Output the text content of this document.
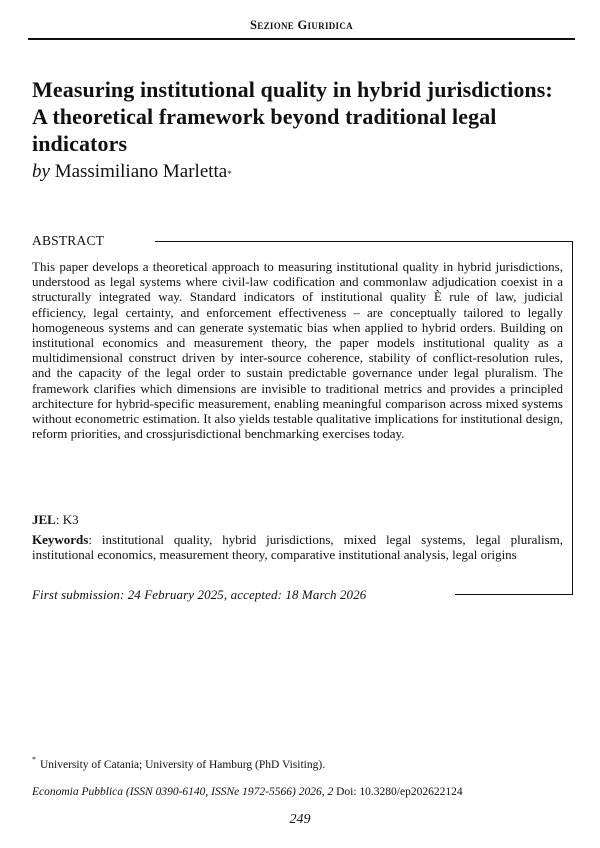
Sezione Giuridica
Measuring institutional quality in hybrid jurisdictions: A theoretical framework beyond traditional legal indicators
by Massimiliano Marletta*
ABSTRACT
This paper develops a theoretical approach to measuring institutional quality in hybrid jurisdictions, understood as legal systems where civil-law codification and commonlaw adjudication coexist in a structurally integrated way. Standard indicators of institutional quality È rule of law, judicial efficiency, legal certainty, and enforcement effectiveness – are conceptually tailored to legally homogeneous systems and can generate systematic bias when applied to hybrid orders. Building on institutional economics and measurement theory, the paper models institutional quality as a multidimensional construct driven by inter-source coherence, stability of conflict-resolution rules, and the capacity of the legal order to sustain predictable governance under legal pluralism. The framework clarifies which dimensions are invisible to traditional metrics and provides a principled architecture for hybrid-specific measurement, enabling meaningful comparison across mixed systems without econometric estimation. It also yields testable qualitative implications for institutional design, reform priorities, and crossjurisdictional benchmarking exercises today.
JEL: K3
Keywords: institutional quality, hybrid jurisdictions, mixed legal systems, legal pluralism, institutional economics, measurement theory, comparative institutional analysis, legal origins
First submission: 24 February 2025, accepted: 18 March 2026
* University of Catania; University of Hamburg (PhD Visiting).
Economia Pubblica (ISSN 0390-6140, ISSNe 1972-5566) 2026, 2 Doi: 10.3280/ep202622124
249
